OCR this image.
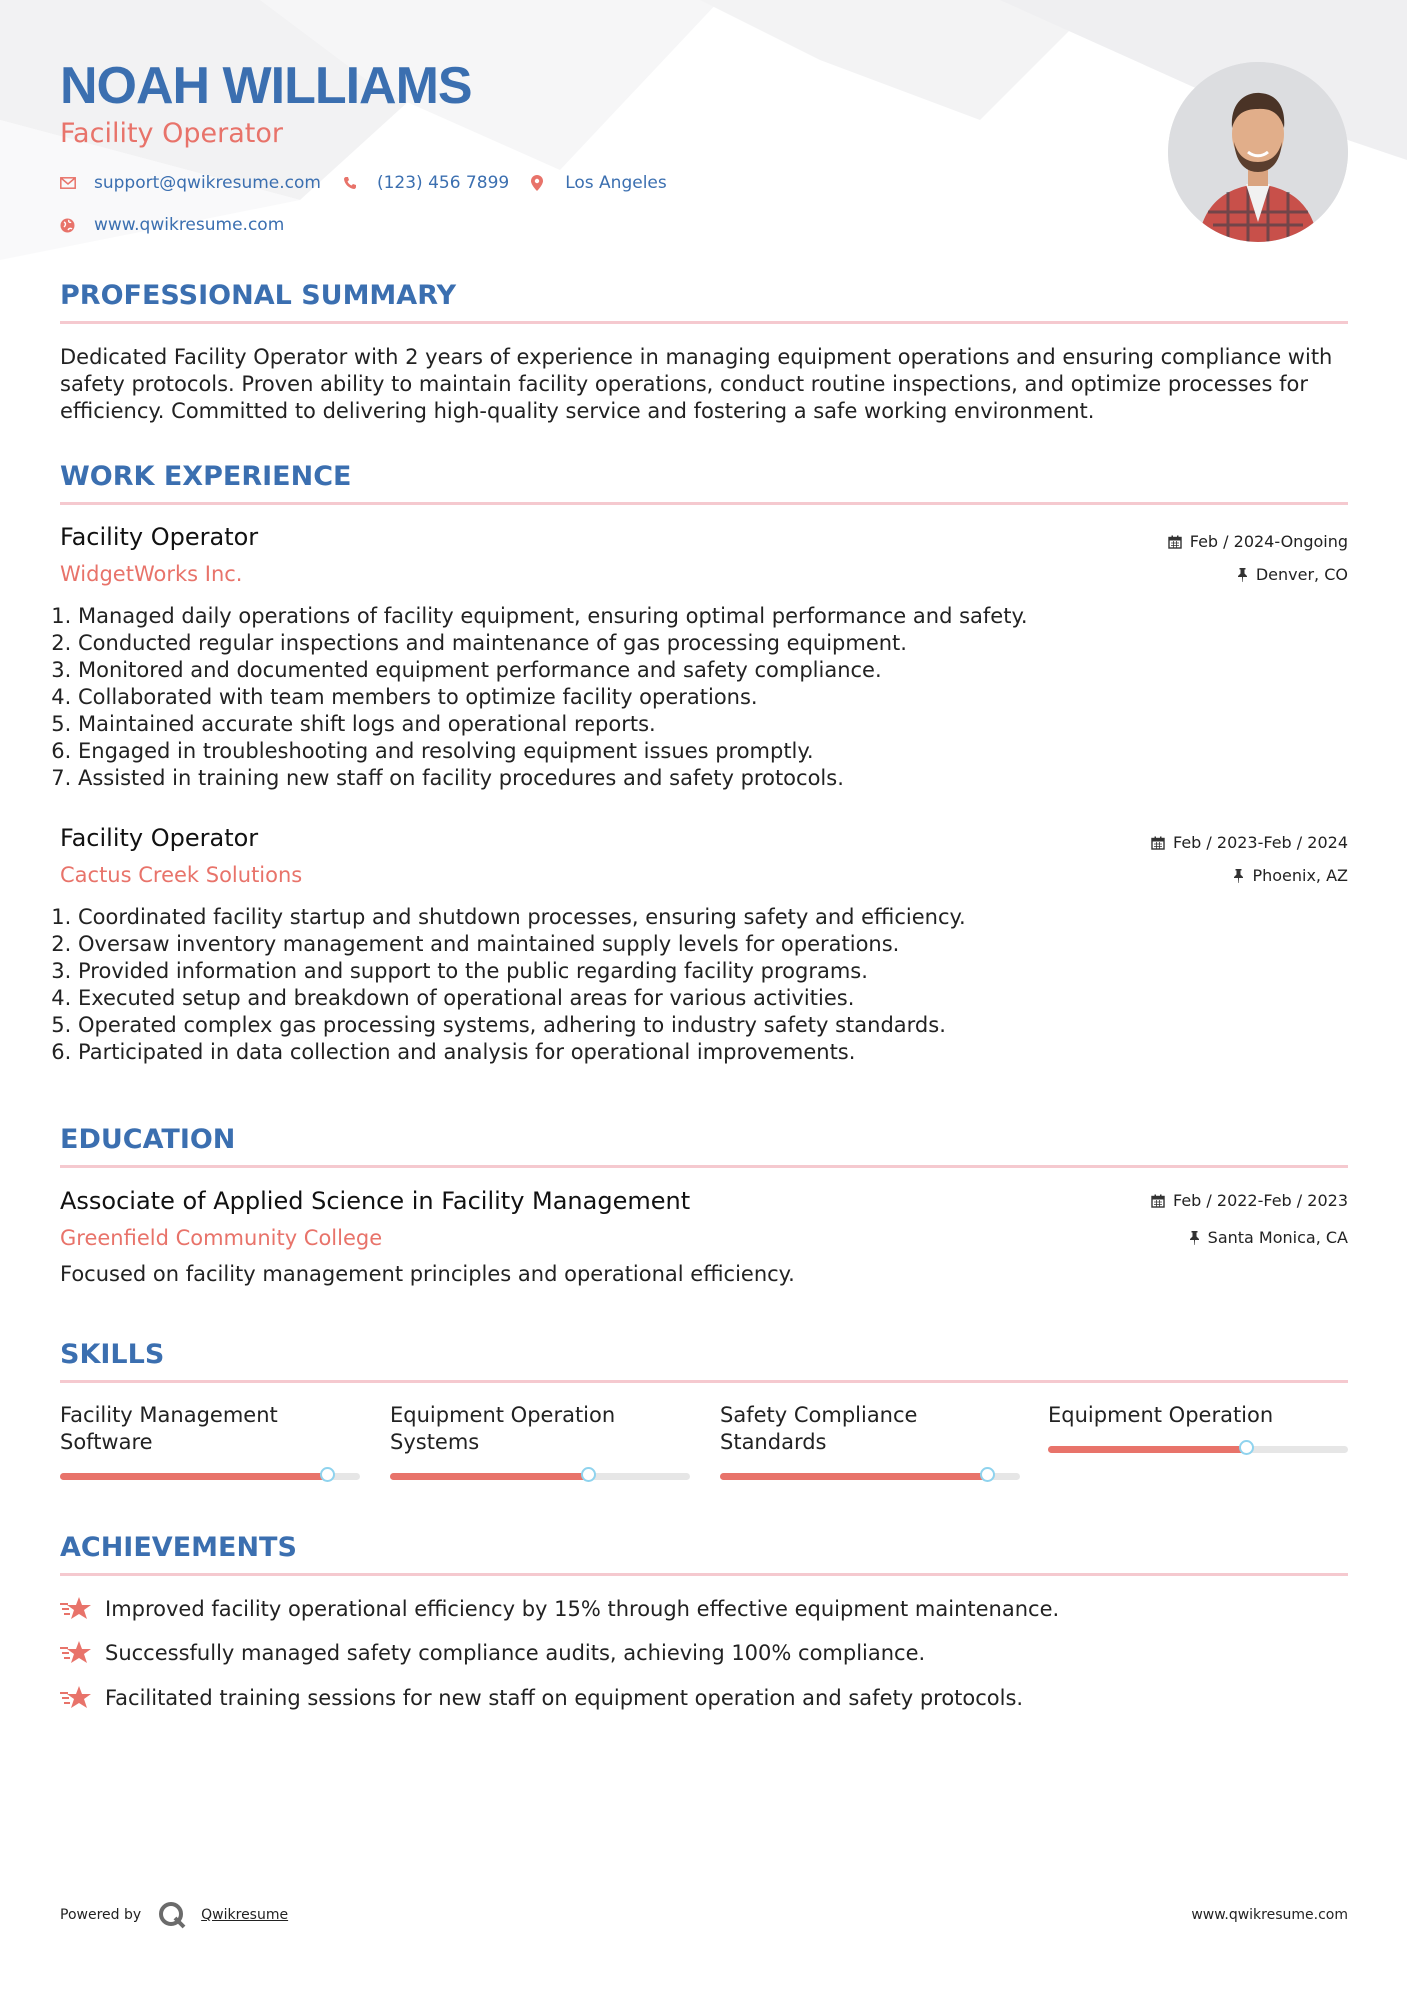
NOAH WILLIAMS
Facility Operator
support@qwikresume.com	(123) 456 7899	Los Angeles
www.qwikresume.com
PROFESSIONAL SUMMARY
Dedicated Facility Operator with 2 years of experience in managing equipment operations and ensuring compliance with safety protocols. Proven ability to maintain facility operations, conduct routine inspections, and optimize processes for efficiency. Committed to delivering high-quality service and fostering a safe working environment.
WORK EXPERIENCE
Facility Operator
WidgetWorks Inc.
Feb / 2024-Ongoing
Denver, CO
1. Managed daily operations of facility equipment, ensuring optimal performance and safety.
2. Conducted regular inspections and maintenance of gas processing equipment.
3. Monitored and documented equipment performance and safety compliance.
4. Collaborated with team members to optimize facility operations.
5. Maintained accurate shift logs and operational reports.
6. Engaged in troubleshooting and resolving equipment issues promptly.
7. Assisted in training new staff on facility procedures and safety protocols.
Facility Operator
Cactus Creek Solutions
Feb / 2023-Feb / 2024
Phoenix, AZ
1. Coordinated facility startup and shutdown processes, ensuring safety and efficiency.
2. Oversaw inventory management and maintained supply levels for operations.
3. Provided information and support to the public regarding facility programs.
4. Executed setup and breakdown of operational areas for various activities.
5. Operated complex gas processing systems, adhering to industry safety standards.
6. Participated in data collection and analysis for operational improvements.
EDUCATION
Associate of Applied Science in Facility Management
Greenfield Community College
Feb / 2022-Feb / 2023
Santa Monica, CA
Focused on facility management principles and operational efficiency.
SKILLS
Facility Management Software
Equipment Operation Systems
Safety Compliance Standards
Equipment Operation
ACHIEVEMENTS
Improved facility operational efficiency by 15% through effective equipment maintenance.
Successfully managed safety compliance audits, achieving 100% compliance.
Facilitated training sessions for new staff on equipment operation and safety protocols.
Powered by	Qwikresume	www.qwikresume.com
